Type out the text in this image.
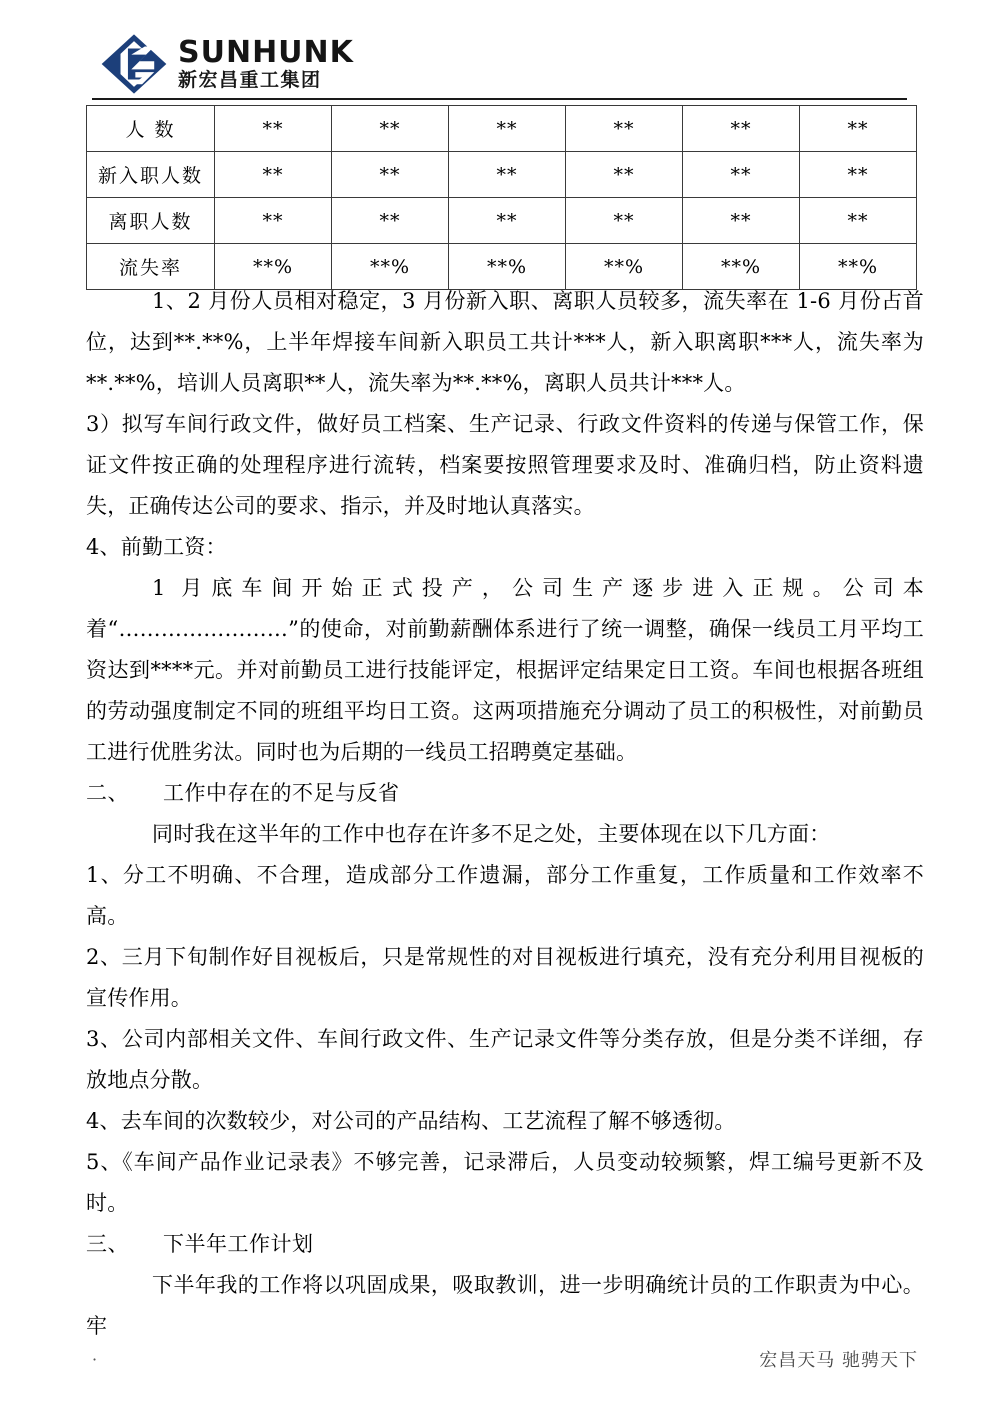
SUNHUNK
新宏昌重工集团
人 数	**	**	**	**	**	**
新入职人数	**	**	**	**	**	**
离职人数	**	**	**	**	**	**
流失率	**%	**%	**%	**%	**%	**%

1、2 月份人员相对稳定，3 月份新入职、离职人员较多，流失率在 1-6 月份占首位，达到**.**%，上半年焊接车间新入职员工共计***人，新入职离职***人，流失率为**.**%，培训人员离职**人，流失率为**.**%，离职人员共计***人。

3）拟写车间行政文件，做好员工档案、生产记录、行政文件资料的传递与保管工作，保证文件按正确的处理程序进行流转，档案要按照管理要求及时、准确归档，防止资料遗失，正确传达公司的要求、指示，并及时地认真落实。

4、前勤工资：

1 月底车间开始正式投产，公司生产逐步进入正规。公司本着“……………………”的使命，对前勤薪酬体系进行了统一调整，确保一线员工月平均工资达到****元。并对前勤员工进行技能评定，根据评定结果定日工资。车间也根据各班组的劳动强度制定不同的班组平均日工资。这两项措施充分调动了员工的积极性，对前勤员工进行优胜劣汰。同时也为后期的一线员工招聘奠定基础。

二、 工作中存在的不足与反省

同时我在这半年的工作中也存在许多不足之处，主要体现在以下几方面：

1、分工不明确、不合理，造成部分工作遗漏，部分工作重复，工作质量和工作效率不高。

2、三月下旬制作好目视板后，只是常规性的对目视板进行填充，没有充分利用目视板的宣传作用。

3、公司内部相关文件、车间行政文件、生产记录文件等分类存放，但是分类不详细，存放地点分散。

4、去车间的次数较少，对公司的产品结构、工艺流程了解不够透彻。

5、《车间产品作业记录表》不够完善，记录滞后，人员变动较频繁，焊工编号更新不及时。

三、 下半年工作计划

下半年我的工作将以巩固成果，吸取教训，进一步明确统计员的工作职责为中心。牢

·	宏昌天马 驰骋天下
